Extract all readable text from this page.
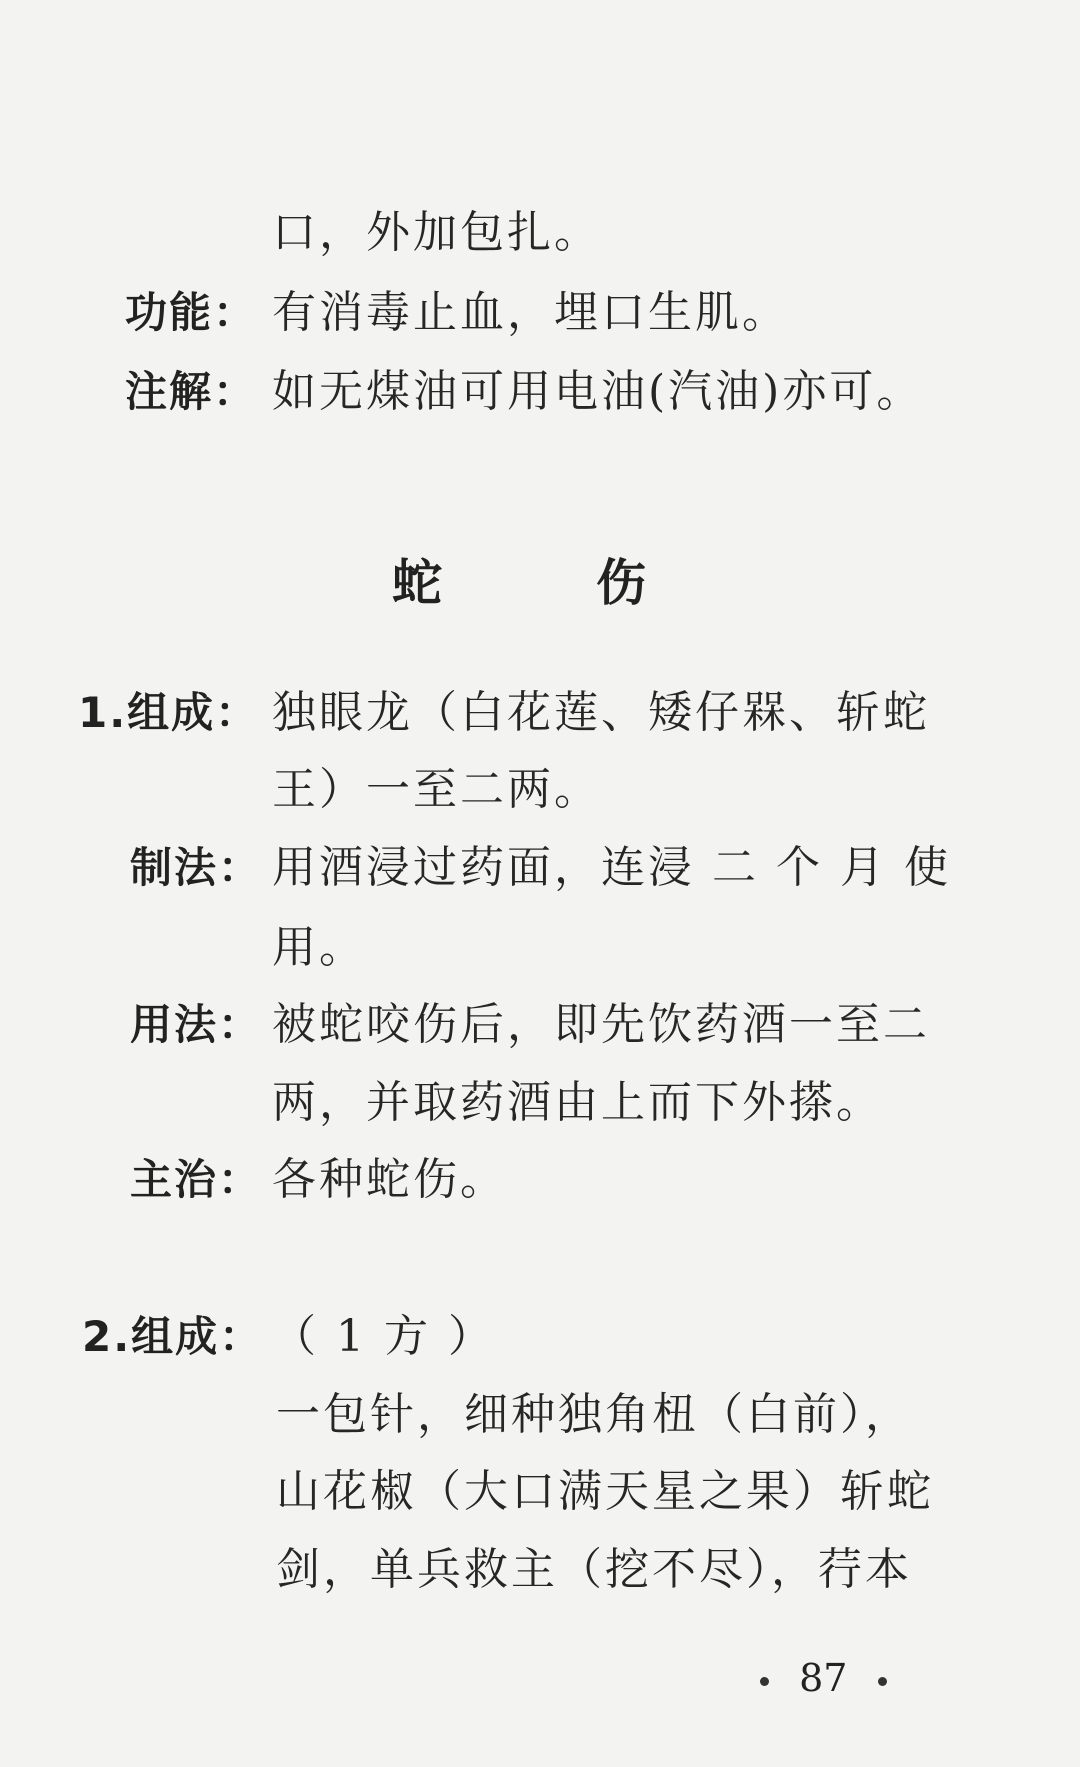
口，外加包扎。
功能： 有消毒止血，埋口生肌。
注解： 如无煤油可用电油(汽油)亦可。
蛇	伤
1.组成： 独眼龙（白花莲、矮仔槑、斩蛇
王）一至二两。
制法： 用酒浸过药面，连浸 二 个 月 使
用。
用法： 被蛇咬伤后，即先饮药酒一至二
两，并取药酒由上而下外搽。
主治： 各种蛇伤。
2.组成： （ 1 方 ）
一包针，细种独角杻（白前），
山花椒（大口满天星之果）斩蛇
剑，单兵救主（挖不尽），荇本
87
